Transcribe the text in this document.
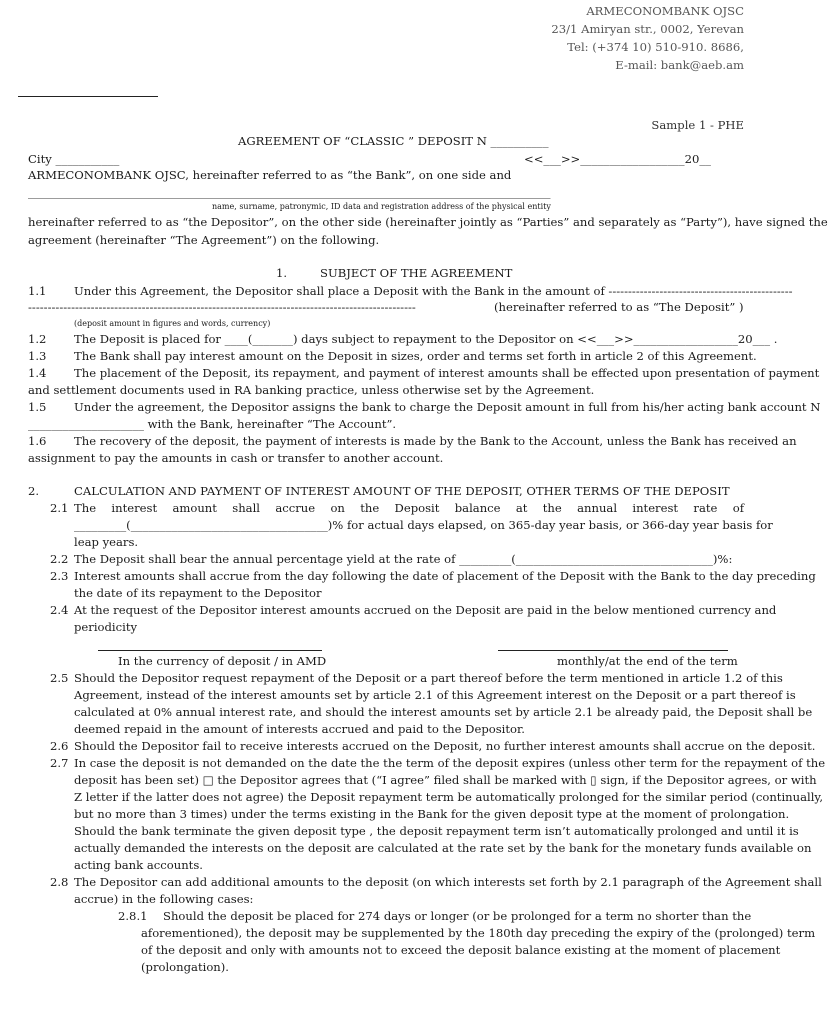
ARMECONOMBANK OJSC
23/1 Amiryan str., 0002, Yerevan
Tel: (+374 10) 510-910. 8686,
E-mail: bank@aeb.am
Sample 1 - PHE
AGREEMENT OF “CLASSIC ” DEPOSIT N __________
City ___________	<<___>>__________________20__
ARMECONOMBANK OJSC, hereinafter referred to as “the Bank”, on one side and
_______________________________________________________________________________________________
name, surname, patronymic, ID data and registration address of the physical entity
hereinafter referred to as “the Depositor”, on the other side (hereinafter jointly as “Parties” and separately as “Party”), have signed the
agreement (hereinafter “The Agreement”) on the following.
1.	SUBJECT OF THE AGREEMENT
1.1 Under this Agreement, the Depositor shall place a Deposit with the Bank in the amount of -----------------------------------------------
---------------------------------------------------------------------------------------------------	(hereinafter referred to as “The Deposit” )
(deposit amount in figures and words, currency)
1.2 The Deposit is placed for ____(_______) days subject to repayment to the Depositor on <<___>>__________________20___ .
1.3 The Bank shall pay interest amount on the Deposit in sizes, order and terms set forth in article 2 of this Agreement.
1.4 The placement of the Deposit, its repayment, and payment of interest amounts shall be effected upon presentation of payment
and settlement documents used in RA banking practice, unless otherwise set by the Agreement.
1.5 Under the agreement, the Depositor assigns the bank to charge the Deposit amount in full from his/her acting bank account N
____________________ with the Bank, hereinafter “The Account”.
1.6 The recovery of the deposit, the payment of interests is made by the Bank to the Account, unless the Bank has received an
assignment to pay the amounts in cash or transfer to another account.
2.	CALCULATION AND PAYMENT OF INTEREST AMOUNT OF THE DEPOSIT, OTHER TERMS OF THE DEPOSIT
2.1 The interest amount shall accrue on the Deposit balance at the annual interest rate of
_________(__________________________________)% for actual days elapsed, on 365-day year basis, or 366-day year basis for
leap years.
2.2 The Deposit shall bear the annual percentage yield at the rate of _________(__________________________________)%:
2.3 Interest amounts shall accrue from the day following the date of placement of the Deposit with the Bank to the day preceding
the date of its repayment to the Depositor
2.4 At the request of the Depositor interest amounts accrued on the Deposit are paid in the below mentioned currency and
periodicity
In the currency of deposit / in AMD	monthly/at the end of the term
2.5 Should the Depositor request repayment of the Deposit or a part thereof before the term mentioned in article 1.2 of this
Agreement, instead of the interest amounts set by article 2.1 of this Agreement interest on the Deposit or a part thereof is
calculated at 0% annual interest rate, and should the interest amounts set by article 2.1 be already paid, the Deposit shall be
deemed repaid in the amount of interests accrued and paid to the Depositor.
2.6 Should the Depositor fail to receive interests accrued on the Deposit, no further interest amounts shall accrue on the deposit.
2.7 In case the deposit is not demanded on the date the the term of the deposit expires (unless other term for the repayment of the
deposit has been set) □ the Depositor agrees that (“I agree” filed shall be marked with ▯ sign, if the Depositor agrees, or with
Z letter if the latter does not agree) the Deposit repayment term be automatically prolonged for the similar period (continually,
but no more than 3 times) under the terms existing in the Bank for the given deposit type at the moment of prolongation.
Should the bank terminate the given deposit type , the deposit repayment term isn’t automatically prolonged and until it is
actually demanded the interests on the deposit are calculated at the rate set by the bank for the monetary funds available on
acting bank accounts.
2.8 The Depositor can add additional amounts to the deposit (on which interests set forth by 2.1 paragraph of the Agreement shall
accrue) in the following cases:
2.8.1 Should the deposit be placed for 274 days or longer (or be prolonged for a term no shorter than the
aforementioned), the deposit may be supplemented by the 180th day preceding the expiry of the (prolonged) term
of the deposit and only with amounts not to exceed the deposit balance existing at the moment of placement
(prolongation).
